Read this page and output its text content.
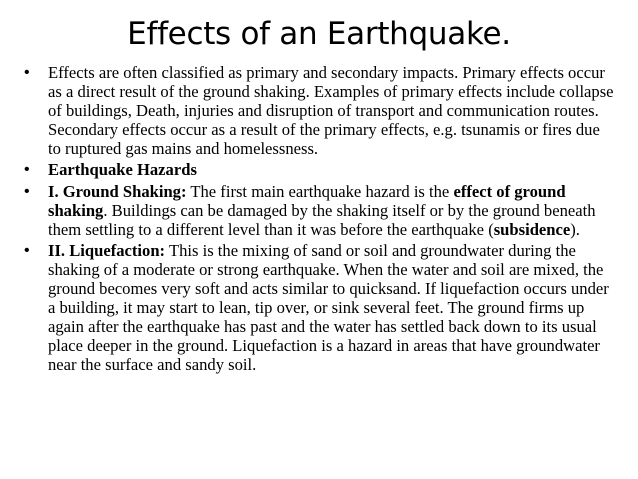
Effects of an Earthquake.
• Effects are often classified as primary and secondary impacts. Primary effects occur as a direct result of the ground shaking. Examples of primary effects include collapse of buildings, Death, injuries and disruption of transport and communication routes. Secondary effects occur as a result of the primary effects, e.g. tsunamis or fires due to ruptured gas mains and homelessness.
• Earthquake Hazards
• I. Ground Shaking: The first main earthquake hazard is the effect of ground shaking. Buildings can be damaged by the shaking itself or by the ground beneath them settling to a different level than it was before the earthquake (subsidence).
• II. Liquefaction: This is the mixing of sand or soil and groundwater during the shaking of a moderate or strong earthquake. When the water and soil are mixed, the ground becomes very soft and acts similar to quicksand. If liquefaction occurs under a building, it may start to lean, tip over, or sink several feet. The ground firms up again after the earthquake has past and the water has settled back down to its usual place deeper in the ground. Liquefaction is a hazard in areas that have groundwater near the surface and sandy soil.
